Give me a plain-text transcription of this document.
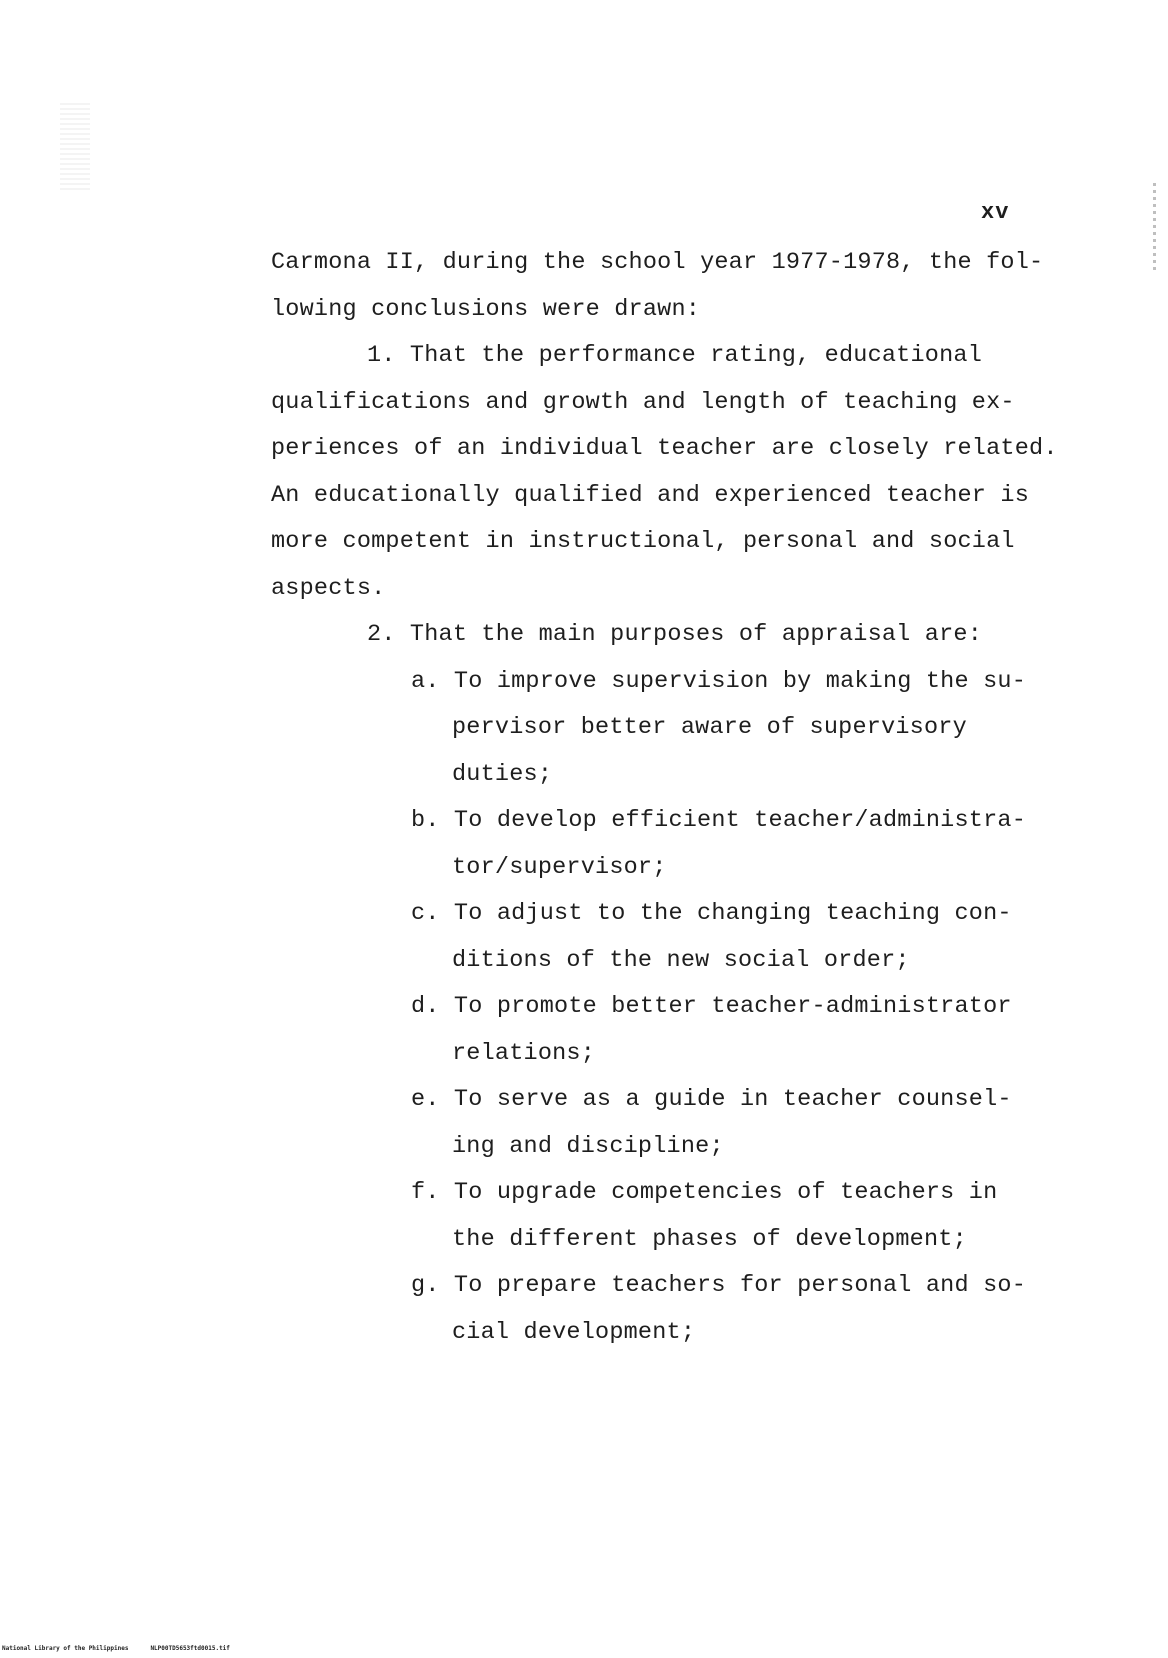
xv
Carmona II, during the school year 1977-1978, the fol-
lowing conclusions were drawn:
1. That the performance rating, educational
qualifications and growth and length of teaching ex-
periences of an individual teacher are closely related.
An educationally qualified and experienced teacher is
more competent in instructional, personal and social
aspects.
2. That the main purposes of appraisal are:
a. To improve supervision by making the su-
pervisor better aware of supervisory
duties;
b. To develop efficient teacher/administra-
tor/supervisor;
c. To adjust to the changing teaching con-
ditions of the new social order;
d. To promote better teacher-administrator
relations;
e. To serve as a guide in teacher counsel-
ing and discipline;
f. To upgrade competencies of teachers in
the different phases of development;
g. To prepare teachers for personal and so-
cial development;
National Library of the Philippines	NLP00TD5653ftd0015.tif
